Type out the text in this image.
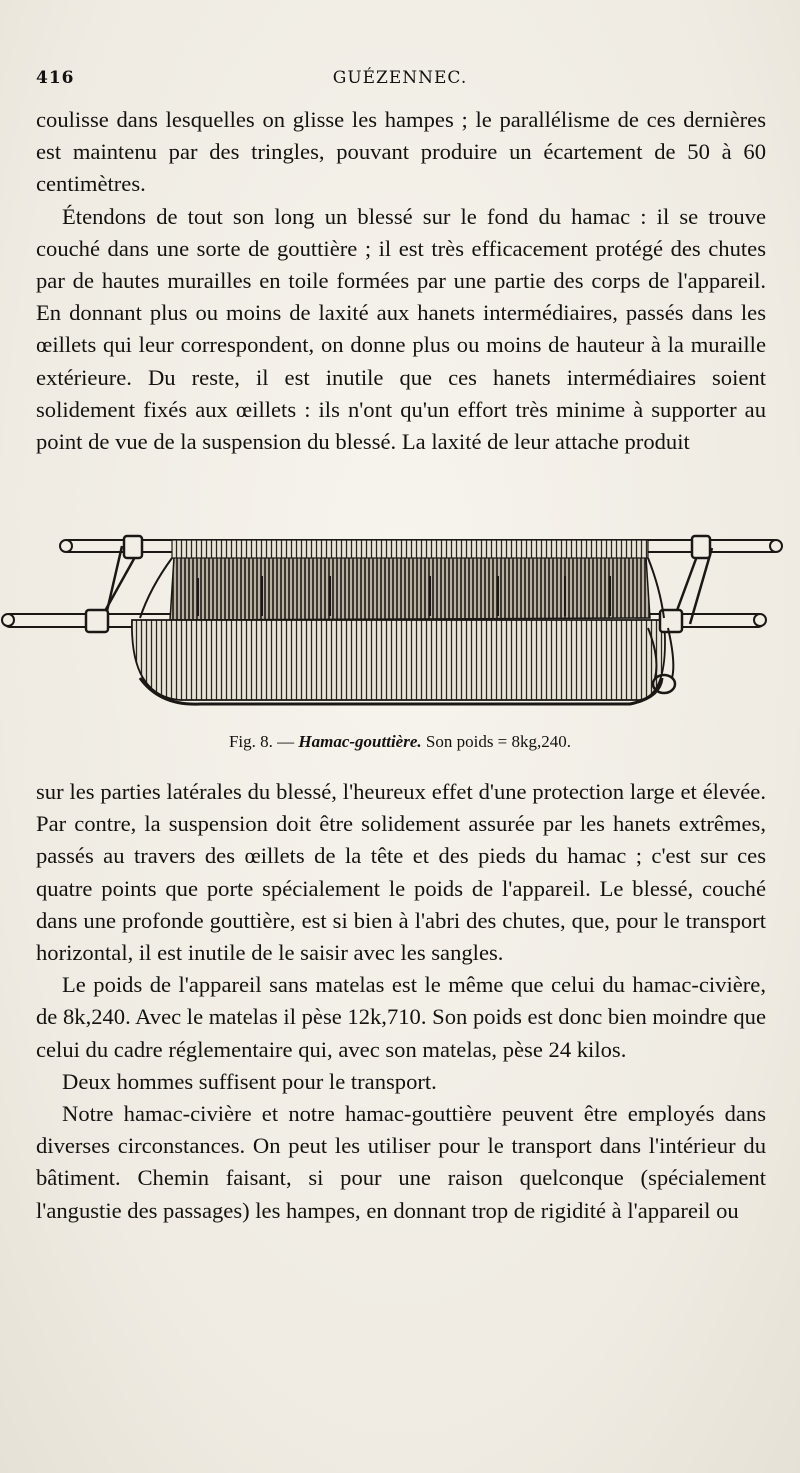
416	GUÉZENNEC.

coulisse dans lesquelles on glisse les hampes ; le parallélisme de ces dernières est maintenu par des tringles, pouvant produire un écartement de 50 à 60 centimètres.

Étendons de tout son long un blessé sur le fond du hamac : il se trouve couché dans une sorte de gouttière ; il est très efficacement protégé des chutes par de hautes murailles en toile formées par une partie des corps de l'appareil. En donnant plus ou moins de laxité aux hanets intermédiaires, passés dans les œillets qui leur correspondent, on donne plus ou moins de hauteur à la muraille extérieure. Du reste, il est inutile que ces hanets intermédiaires soient solidement fixés aux œillets : ils n'ont qu'un effort très minime à supporter au point de vue de la suspension du blessé. La laxité de leur attache produit

Fig. 8. — Hamac-gouttière. Son poids = 8kg,240.

sur les parties latérales du blessé, l'heureux effet d'une protection large et élevée. Par contre, la suspension doit être solidement assurée par les hanets extrêmes, passés au travers des œillets de la tête et des pieds du hamac ; c'est sur ces quatre points que porte spécialement le poids de l'appareil. Le blessé, couché dans une profonde gouttière, est si bien à l'abri des chutes, que, pour le transport horizontal, il est inutile de le saisir avec les sangles.

Le poids de l'appareil sans matelas est le même que celui du hamac-civière, de 8k,240. Avec le matelas il pèse 12k,710. Son poids est donc bien moindre que celui du cadre réglementaire qui, avec son matelas, pèse 24 kilos.

Deux hommes suffisent pour le transport.

Notre hamac-civière et notre hamac-gouttière peuvent être employés dans diverses circonstances. On peut les utiliser pour le transport dans l'intérieur du bâtiment. Chemin faisant, si pour une raison quelconque (spécialement l'angustie des passages) les hampes, en donnant trop de rigidité à l'appareil ou
